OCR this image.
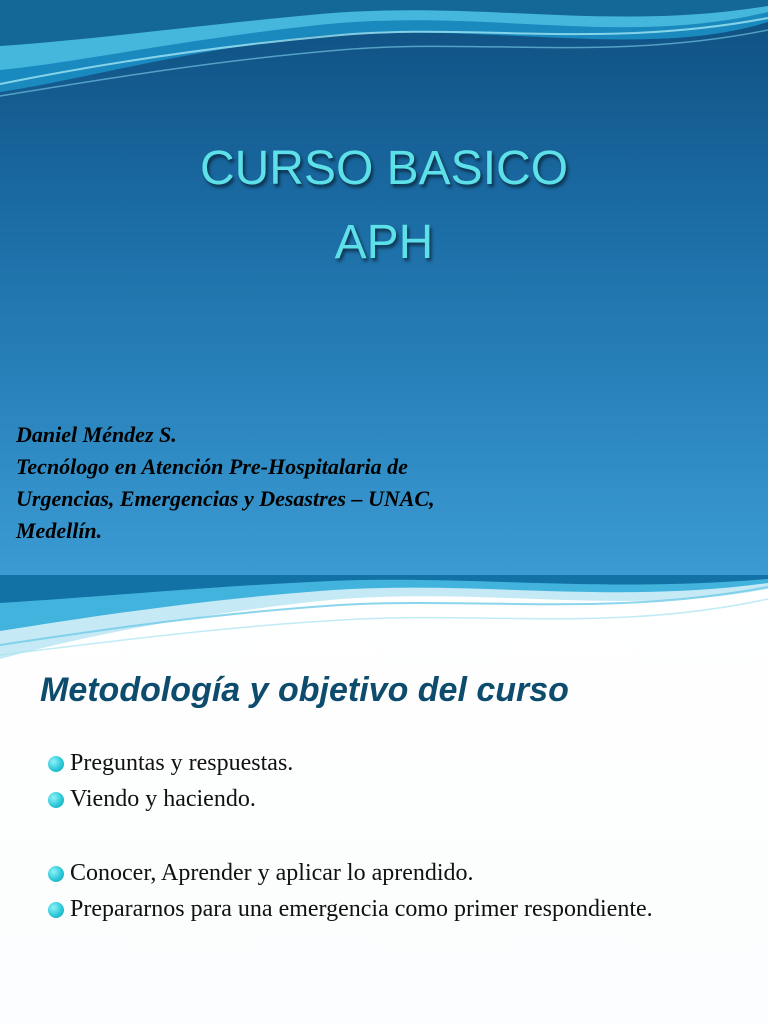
CURSO BASICO
APH
Daniel Méndez S.
Tecnólogo en Atención Pre-Hospitalaria de
Urgencias, Emergencias y Desastres – UNAC,
Medellín.
Metodología y objetivo del curso
Preguntas y respuestas.
Viendo y haciendo.
Conocer, Aprender y aplicar lo aprendido.
Prepararnos para una emergencia como primer respondiente.
